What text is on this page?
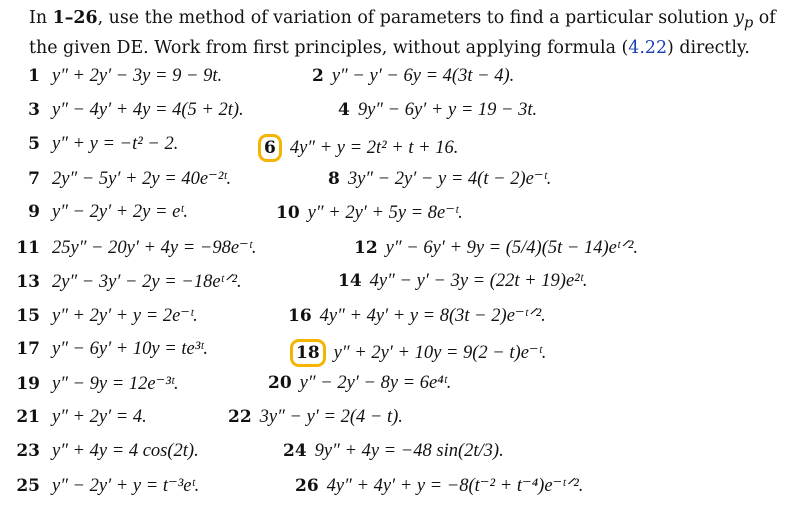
In 1–26, use the method of variation of parameters to find a particular solution $y_p$ of the given DE. Work from first principles, without applying formula (4.22) directly.

1 y″ + 2y′ − 3y = 9 − 9t.	2 y″ − y′ − 6y = 4(3t − 4).
3 y″ − 4y′ + 4y = 4(5 + 2t).	4 9y″ − 6y′ + y = 19 − 3t.
5 y″ + y = −t² − 2.	6 4y″ + y = 2t² + t + 16.
7 2y″ − 5y′ + 2y = 40e⁻²ᵗ.	8 3y″ − 2y′ − y = 4(t − 2)e⁻ᵗ.
9 y″ − 2y′ + 2y = eᵗ.	10 y″ + 2y′ + 5y = 8e⁻ᵗ.
11 25y″ − 20y′ + 4y = −98e⁻ᵗ.	12 y″ − 6y′ + 9y = (5/4)(5t − 14)eᵗᐟ².
13 2y″ − 3y′ − 2y = −18eᵗᐟ².	14 4y″ − y′ − 3y = (22t + 19)e²ᵗ.
15 y″ + 2y′ + y = 2e⁻ᵗ.	16 4y″ + 4y′ + y = 8(3t − 2)e⁻ᵗᐟ².
17 y″ − 6y′ + 10y = te³ᵗ.	18 y″ + 2y′ + 10y = 9(2 − t)e⁻ᵗ.
19 y″ − 9y = 12e⁻³ᵗ.	20 y″ − 2y′ − 8y = 6e⁴ᵗ.
21 y″ + 2y′ = 4.	22 3y″ − y′ = 2(4 − t).
23 y″ + 4y = 4 cos(2t).	24 9y″ + 4y = −48 sin(2t/3).
25 y″ − 2y′ + y = t⁻³eᵗ.	26 4y″ + 4y′ + y = −8(t⁻² + t⁻⁴)e⁻ᵗᐟ².
